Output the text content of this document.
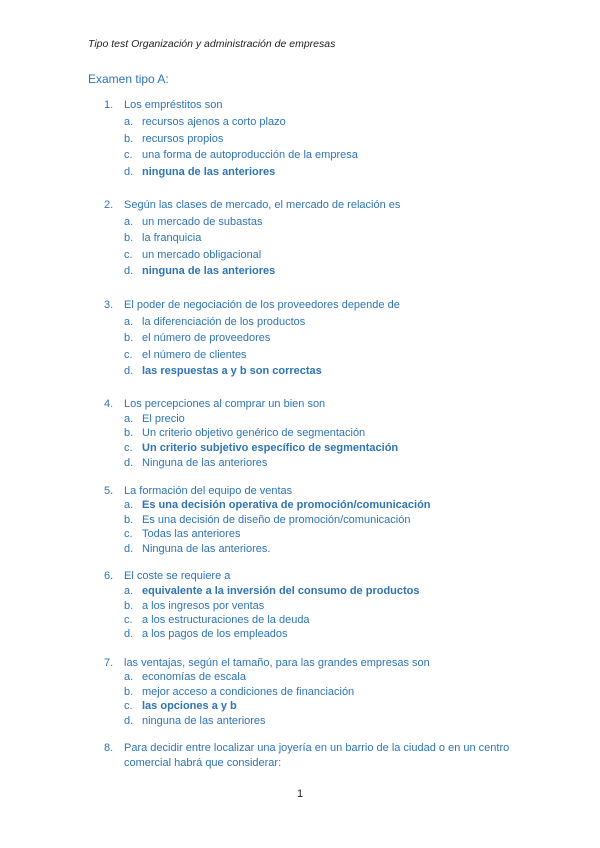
Tipo test Organización y administración de empresas
Examen tipo A:
1. Los empréstitos son
a. recursos ajenos a corto plazo
b. recursos propios
c. una forma de autoproducción de la empresa
d. ninguna de las anteriores
2. Según las clases de mercado, el mercado de relación es
a. un mercado de subastas
b. la franquicia
c. un mercado obligacional
d. ninguna de las anteriores
3. El poder de negociación de los proveedores depende de
a. la diferenciación de los productos
b. el número de proveedores
c. el número de clientes
d. las respuestas a y b son correctas
4. Los percepciones al comprar un bien son
a. El precio
b. Un criterio objetivo genérico de segmentación
c. Un criterio subjetivo específico de segmentación
d. Ninguna de las anteriores
5. La formación del equipo de ventas
a. Es una decisión operativa de promoción/comunicación
b. Es una decisión de diseño de promoción/comunicación
c. Todas las anteriores
d. Ninguna de las anteriores.
6. El coste se requiere a
a. equivalente a la inversión del consumo de productos
b. a los ingresos por ventas
c. a los estructuraciones de la deuda
d. a los pagos de los empleados
7. las ventajas, según el tamaño, para las grandes empresas son
a. economías de escala
b. mejor acceso a condiciones de financiación
c. las opciones a y b
d. ninguna de las anteriores
8. Para decidir entre localizar una joyería en un barrio de la ciudad o en un centro
comercial habrá que considerar:
1
